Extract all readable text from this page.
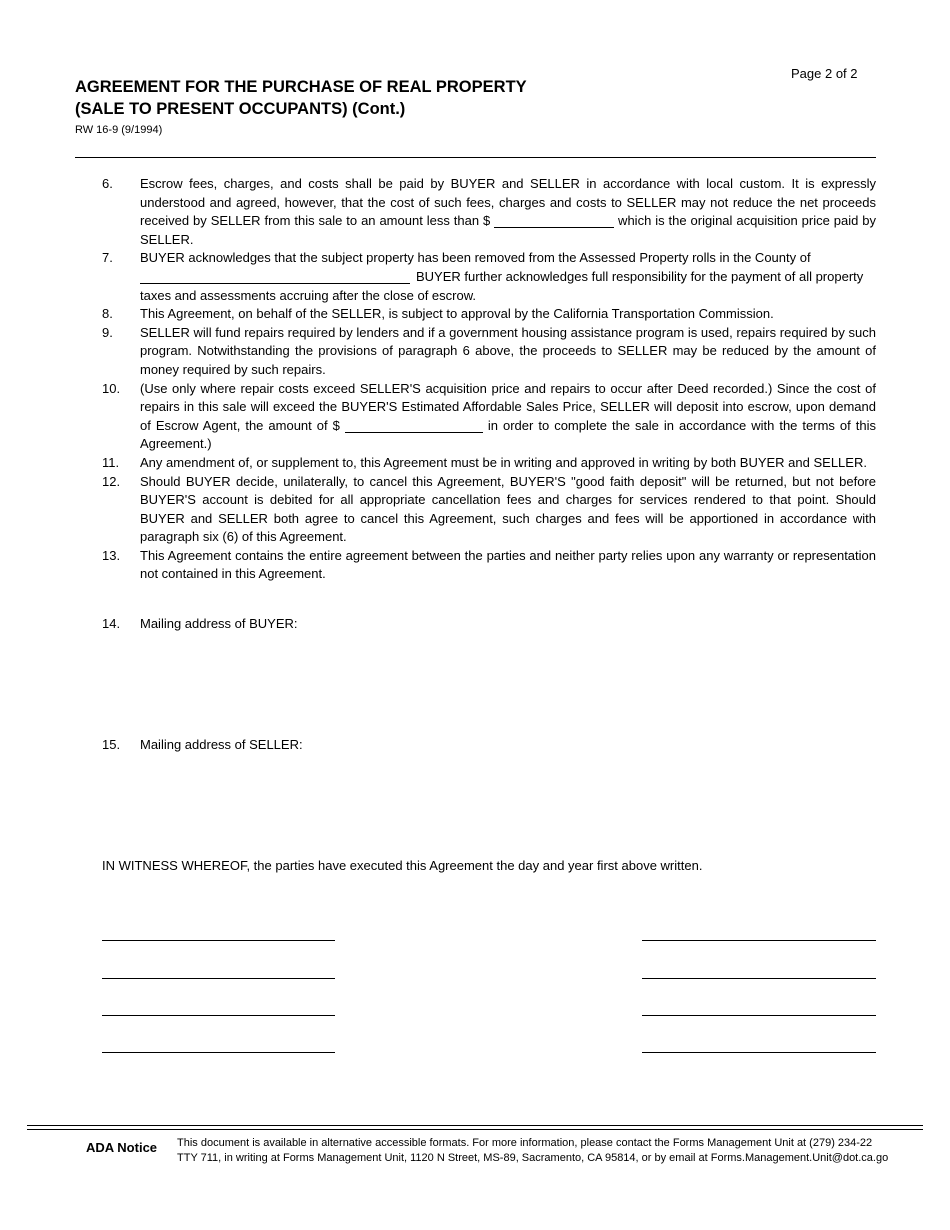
Page 2 of 2
AGREEMENT FOR THE PURCHASE OF REAL PROPERTY
(SALE TO PRESENT OCCUPANTS) (Cont.)
RW 16-9 (9/1994)
6.	Escrow fees, charges, and costs shall be paid by BUYER and SELLER in accordance with local custom. It is expressly understood and agreed, however, that the cost of such fees, charges and costs to SELLER may not reduce the net proceeds received by SELLER from this sale to an amount less than $	which is the original acquisition price paid by SELLER.
7.	BUYER acknowledges that the subject property has been removed from the Assessed Property rolls in the County of
BUYER further acknowledges full responsibility for the payment of all property taxes and assessments accruing after the close of escrow.
8.	This Agreement, on behalf of the SELLER, is subject to approval by the California Transportation Commission.
9.	SELLER will fund repairs required by lenders and if a government housing assistance program is used, repairs required by such program. Notwithstanding the provisions of paragraph 6 above, the proceeds to SELLER may be reduced by the amount of money required by such repairs.
10.	(Use only where repair costs exceed SELLER'S acquisition price and repairs to occur after Deed recorded.) Since the cost of repairs in this sale will exceed the BUYER'S Estimated Affordable Sales Price, SELLER will deposit into escrow, upon demand of Escrow Agent, the amount of $	in order to complete the sale in accordance with the terms of this Agreement.)
11.	Any amendment of, or supplement to, this Agreement must be in writing and approved in writing by both BUYER and SELLER.
12.	Should BUYER decide, unilaterally, to cancel this Agreement, BUYER'S "good faith deposit" will be returned, but not before BUYER'S account is debited for all appropriate cancellation fees and charges for services rendered to that point. Should BUYER and SELLER both agree to cancel this Agreement, such charges and fees will be apportioned in accordance with paragraph six (6) of this Agreement.
13.	This Agreement contains the entire agreement between the parties and neither party relies upon any warranty or representation not contained in this Agreement.
14.	Mailing address of BUYER:
15.	Mailing address of SELLER:
IN WITNESS WHEREOF, the parties have executed this Agreement the day and year first above written.
ADA Notice This document is available in alternative accessible formats. For more information, please contact the Forms Management Unit at (279) 234-22
TTY 711, in writing at Forms Management Unit, 1120 N Street, MS-89, Sacramento, CA 95814, or by email at Forms.Management.Unit@dot.ca.go
